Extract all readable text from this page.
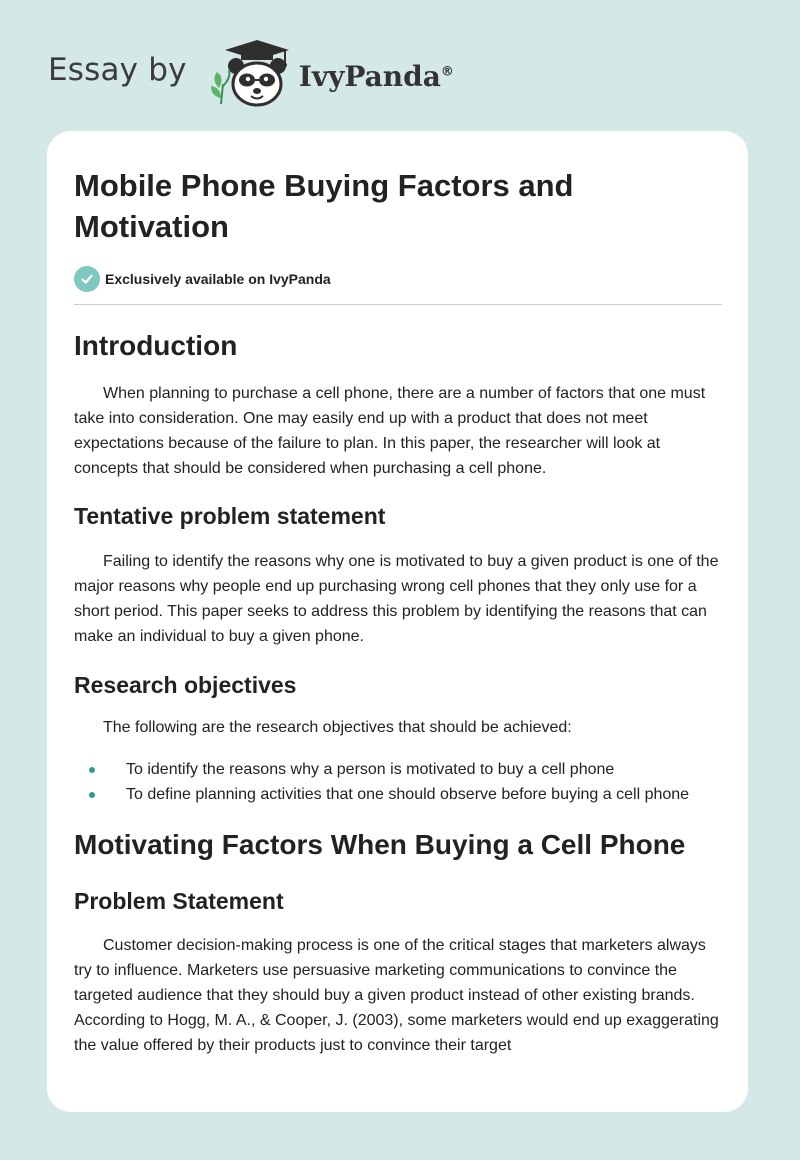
Essay by	IvyPanda®
Mobile Phone Buying Factors and Motivation
Exclusively available on IvyPanda
Introduction

When planning to purchase a cell phone, there are a number of factors that one must take into consideration. One may easily end up with a product that does not meet expectations because of the failure to plan. In this paper, the researcher will look at concepts that should be considered when purchasing a cell phone.

Tentative problem statement

Failing to identify the reasons why one is motivated to buy a given product is one of the major reasons why people end up purchasing wrong cell phones that they only use for a short period. This paper seeks to address this problem by identifying the reasons that can make an individual to buy a given phone.

Research objectives

The following are the research objectives that should be achieved:

To identify the reasons why a person is motivated to buy a cell phone
To define planning activities that one should observe before buying a cell phone
Motivating Factors When Buying a Cell Phone
Problem Statement

Customer decision-making process is one of the critical stages that marketers always try to influence. Marketers use persuasive marketing communications to convince the targeted audience that they should buy a given product instead of other existing brands. According to Hogg, M. A., & Cooper, J. (2003), some marketers would end up exaggerating the value offered by their products just to convince their target
